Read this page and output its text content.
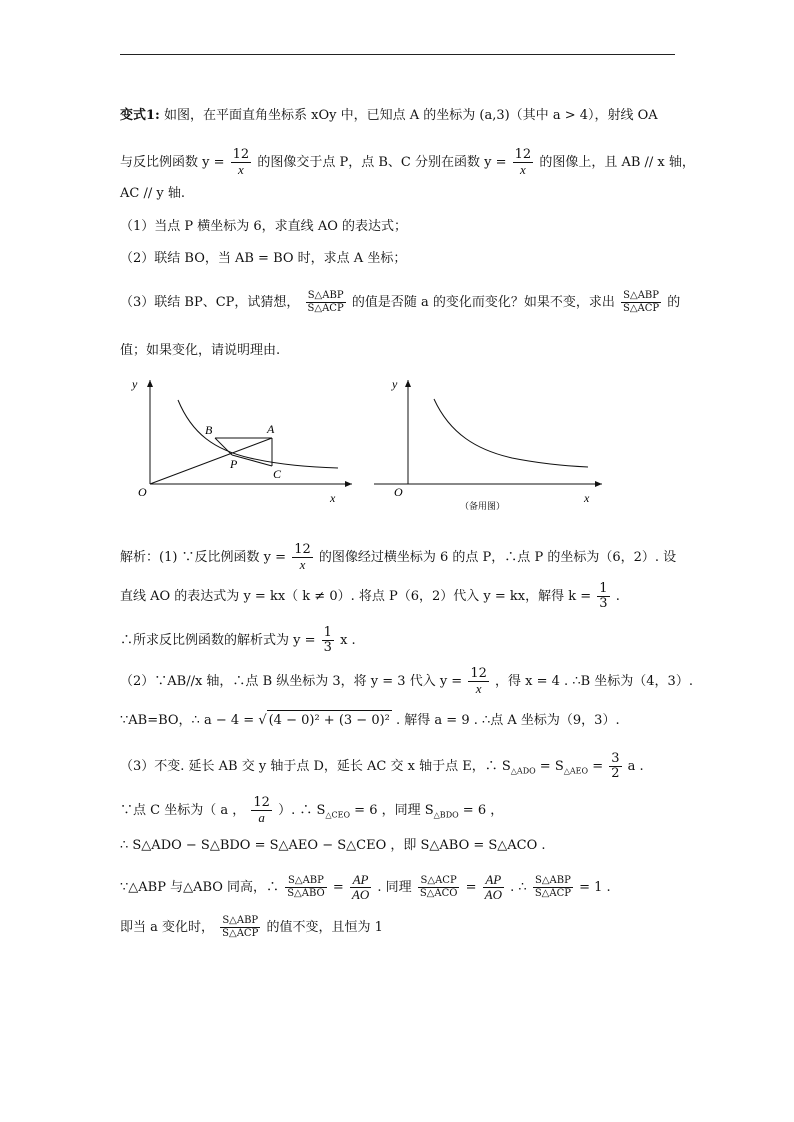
变式1: 如图，在平面直角坐标系 xOy 中，已知点 A 的坐标为 (a,3)（其中 a > 4），射线 OA
与反比例函数 $y = \frac{12}{x}$ 的图像交于点 P，点 B、C 分别在函数 $y = \frac{12}{x}$ 的图像上，且 AB // x 轴，
AC // y 轴.
（1）当点 P 横坐标为 6，求直线 AO 的表达式；
（2）联结 BO，当 AB = BO 时，求点 A 坐标；
（3）联结 BP、CP，试猜想， $\frac{\text{S△ABP}}{\text{S△ACP}}$ 的值是否随 a 的变化而变化？如果不变，求出 $\frac{\text{S△ABP}}{\text{S△ACP}}$ 的
值；如果变化，请说明理由.
y
x
O
A
B
C
P
y
x
O
（备用图）
解析：(1) ∵反比例函数 $y = \frac{12}{x}$ 的图像经过横坐标为 6 的点 P，∴点 P 的坐标为（6，2）. 设
直线 AO 的表达式为 y = kx（ k ≠ 0）. 将点 P（6，2）代入 y = kx，解得 $k = \frac{1}{3}$ .
∴所求反比例函数的解析式为 $y = \frac{1}{3}$ x .
（2）∵AB//x 轴，∴点 B 纵坐标为 3，将 y = 3 代入 $y = \frac{12}{x}$ ，得 x = 4 . ∴B 坐标为（4，3）.
∵AB=BO，∴ a − 4 = √ (4 − 0)² + (3 − 0)² . 解得 a = 9 . ∴点 A 坐标为（9，3）.
（3）不变. 延长 AB 交 y 轴于点 D，延长 AC 交 x 轴于点 E，∴ $S_{\triangle ADO} = S_{\triangle AEO} = \frac{3}{2}$ a .
∵点 C 坐标为（ a ， $\frac{12}{a}$ ）. ∴ $S_{\triangle CEO} = 6$ ，同理 $S_{\triangle BDO} = 6$ ，
∴ S△ADO − S△BDO = S△AEO − S△CEO ，即 S△ABO = S△ACO .
∵△ABP 与△ABO 同高，∴ $\frac{\text{S△ABP}}{\text{S△ABO}} = \frac{AP}{AO}$ . 同理 $\frac{\text{S△ACP}}{\text{S△ACO}} = \frac{AP}{AO}$ . ∴ $\frac{\text{S△ABP}}{\text{S△ACP}} = 1$ .
即当 a 变化时， $\frac{\text{S△ABP}}{\text{S△ACP}}$ 的值不变，且恒为 1
